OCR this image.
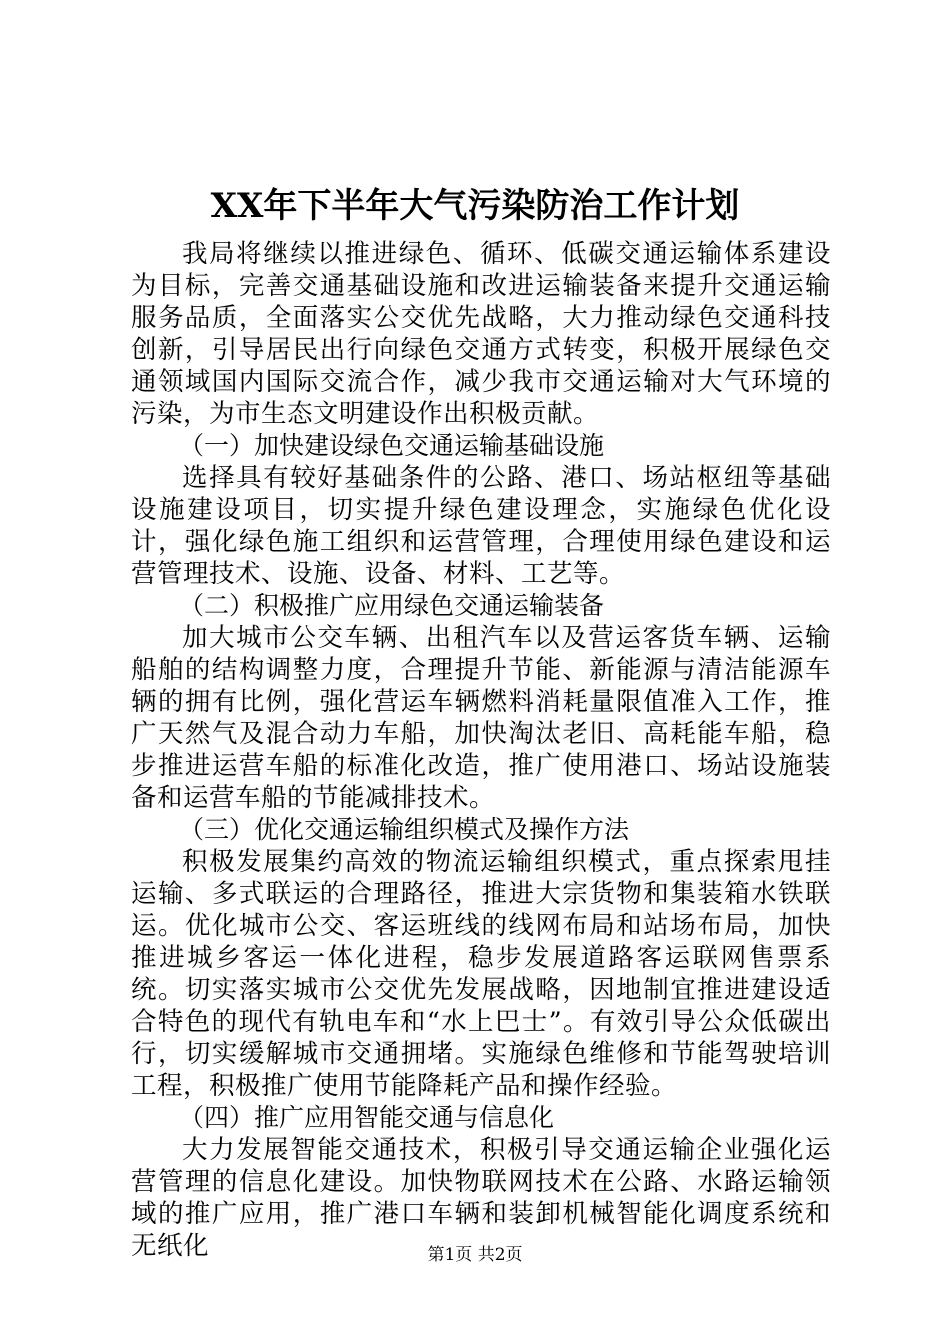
XX年下半年大气污染防治工作计划

我局将继续以推进绿色、循环、低碳交通运输体系建设为目标，完善交通基础设施和改进运输装备来提升交通运输服务品质，全面落实公交优先战略，大力推动绿色交通科技创新，引导居民出行向绿色交通方式转变，积极开展绿色交通领域国内国际交流合作，减少我市交通运输对大气环境的污染，为市生态文明建设作出积极贡献。

（一）加快建设绿色交通运输基础设施

选择具有较好基础条件的公路、港口、场站枢纽等基础设施建设项目，切实提升绿色建设理念，实施绿色优化设计，强化绿色施工组织和运营管理，合理使用绿色建设和运营管理技术、设施、设备、材料、工艺等。

（二）积极推广应用绿色交通运输装备

加大城市公交车辆、出租汽车以及营运客货车辆、运输船舶的结构调整力度，合理提升节能、新能源与清洁能源车辆的拥有比例，强化营运车辆燃料消耗量限值准入工作，推广天然气及混合动力车船，加快淘汰老旧、高耗能车船，稳步推进运营车船的标准化改造，推广使用港口、场站设施装备和运营车船的节能减排技术。

（三）优化交通运输组织模式及操作方法

积极发展集约高效的物流运输组织模式，重点探索甩挂运输、多式联运的合理路径，推进大宗货物和集装箱水铁联运。优化城市公交、客运班线的线网布局和站场布局，加快推进城乡客运一体化进程，稳步发展道路客运联网售票系统。切实落实城市公交优先发展战略，因地制宜推进建设适合特色的现代有轨电车和“水上巴士”。有效引导公众低碳出行，切实缓解城市交通拥堵。实施绿色维修和节能驾驶培训工程，积极推广使用节能降耗产品和操作经验。

（四）推广应用智能交通与信息化

大力发展智能交通技术，积极引导交通运输企业强化运营管理的信息化建设。加快物联网技术在公路、水路运输领域的推广应用，推广港口车辆和装卸机械智能化调度系统和无纸化	第1页 共2页
